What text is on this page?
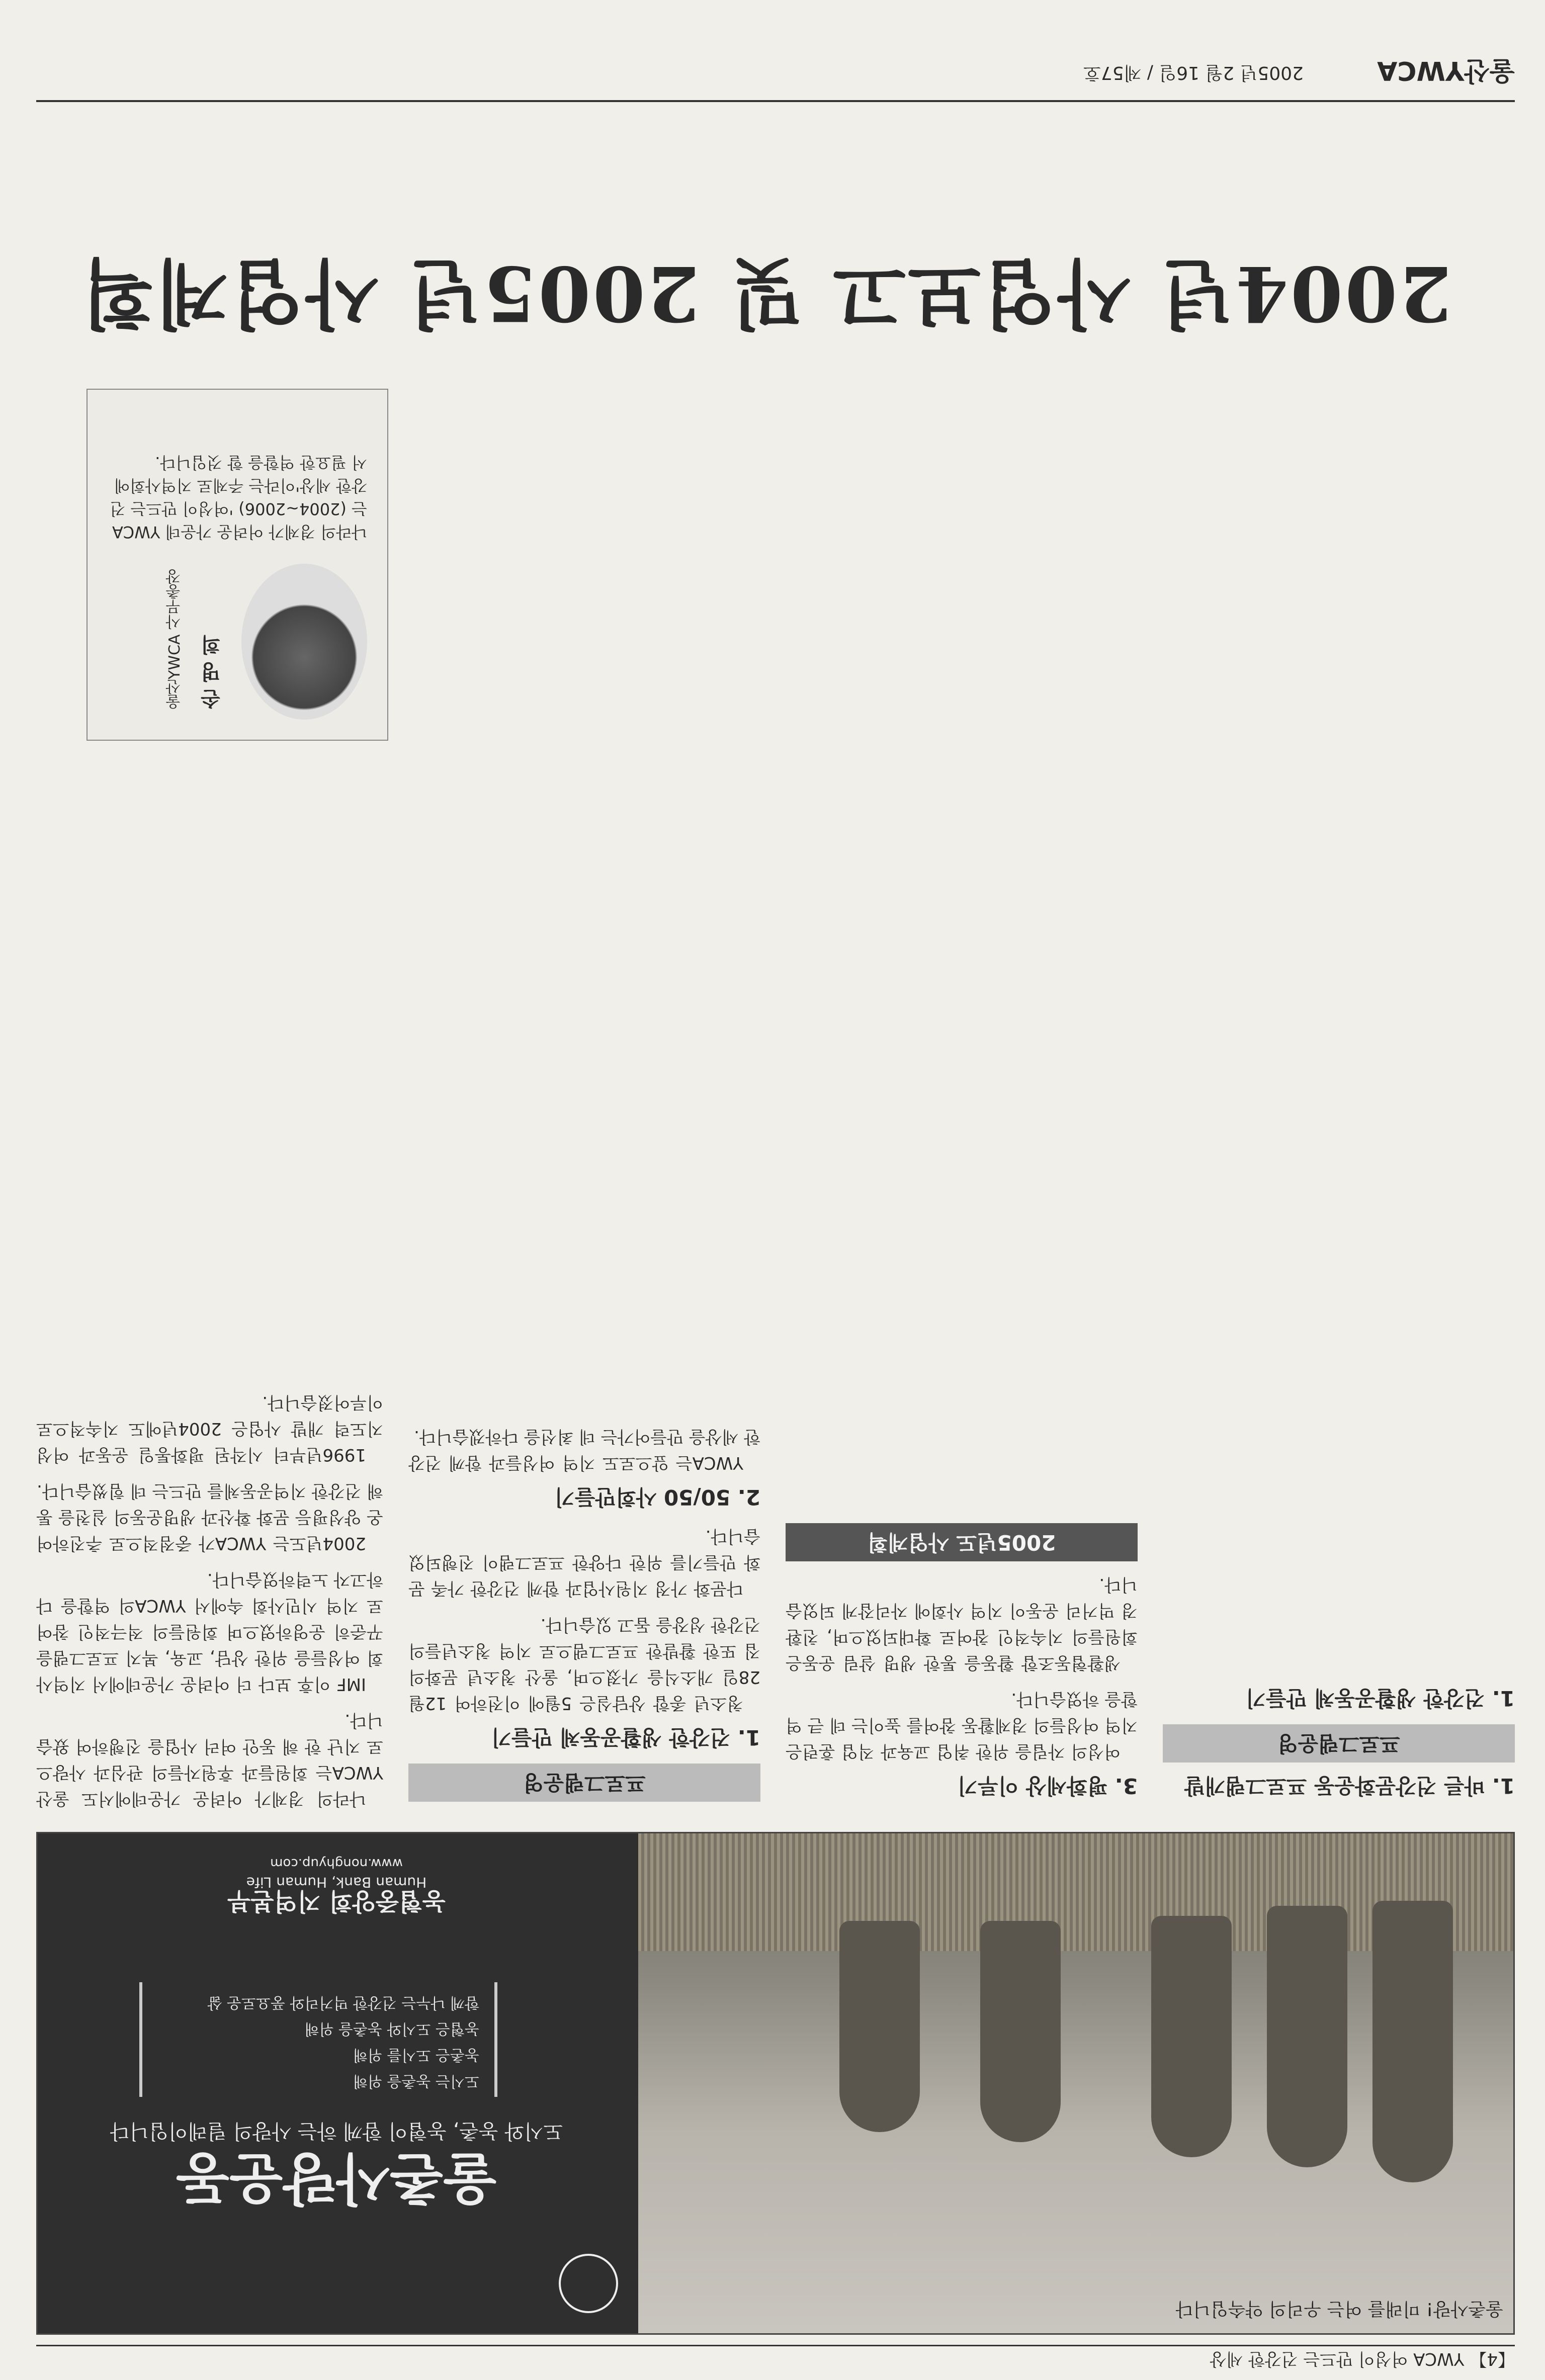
【4】 YWCA 여성이 만드는 건강한 세상
울촌사랑! 미래를 여는 우리의 약속입니다
울촌사랑운동
도시와 농촌, 농협이 함께 하는 사랑의 릴레이입니다
도시는 농촌을 위해
농촌은 도시를 위해
농협은 도시와 농촌을 위해
함께 나누는 건강한 먹거리와 풍요로운 삶
농협중앙회 지역본부
Human Bank, Human Life
www.nonghyup.com

나라의 경제가 어려운 가운데에서도 울산YWCA는 회원들과 후원자들의 관심과 사랑으로 지난 한 해 동안 여러 사업을 진행하여 왔습니다.

IMF 이후 보다 더 어려운 가운데에서 지역사회 여성들을 위한 상담, 교육, 복지 프로그램을 꾸준히 운영하였으며 회원들의 적극적인 참여로 지역 시민사회 속에서 YWCA의 역할을 다하고자 노력하였습니다.

2004년도는 YWCA가 중점적으로 추진하여 온 양성평등 문화 확산과 생명운동의 실천을 통해 건강한 지역공동체를 만드는 데 힘썼습니다.

1996년부터 시작된 평화통일 운동과 여성 지도력 개발 사업은 2004년에도 지속적으로 이루어졌습니다.

프로그램운영
1. 건강한 생활공동체 만들기

청소년 종합 상담실은 5월에 이전하여 12월 28일 개소식을 가졌으며, 울산 청소년 문화의 집 또한 활발한 프로그램으로 지역 청소년들의 건강한 성장을 돕고 있습니다.

다문화 가정 지원사업과 함께 건강한 가족 문화 만들기를 위한 다양한 프로그램이 진행되었습니다.

2. 50/50 사회만들기

YWCA는 앞으로도 지역 여성들과 함께 건강한 세상을 만들어가는 데 최선을 다하겠습니다.

3. 평화세상 이루기

여성의 자립을 위한 취업 교육과 직업 훈련은 지역 여성들의 경제활동 참여를 높이는 데 큰 역할을 하였습니다.

생활협동조합 활동을 통한 생명 살림 운동은 회원들의 지속적인 참여로 확대되었으며, 친환경 먹거리 운동이 지역 사회에 자리잡게 되었습니다.

2005년도 사업계획
1. 바른 건강문화운동 프로그램개발
프로그램운영
1. 건강한 생활공동체 만들기
손 명 희
울산YWCA 사무총장
나라의 경제가 어려운 가운데 YWCA는 (2004~2006) '여성이 만드는 건강한 세상'이라는 주제로 지역사회에서 필요한 역할을 할 것입니다.
2004년 사업보고 및 2005년 사업계획
울산YWCA
2005년 2월 16일 / 제57호
